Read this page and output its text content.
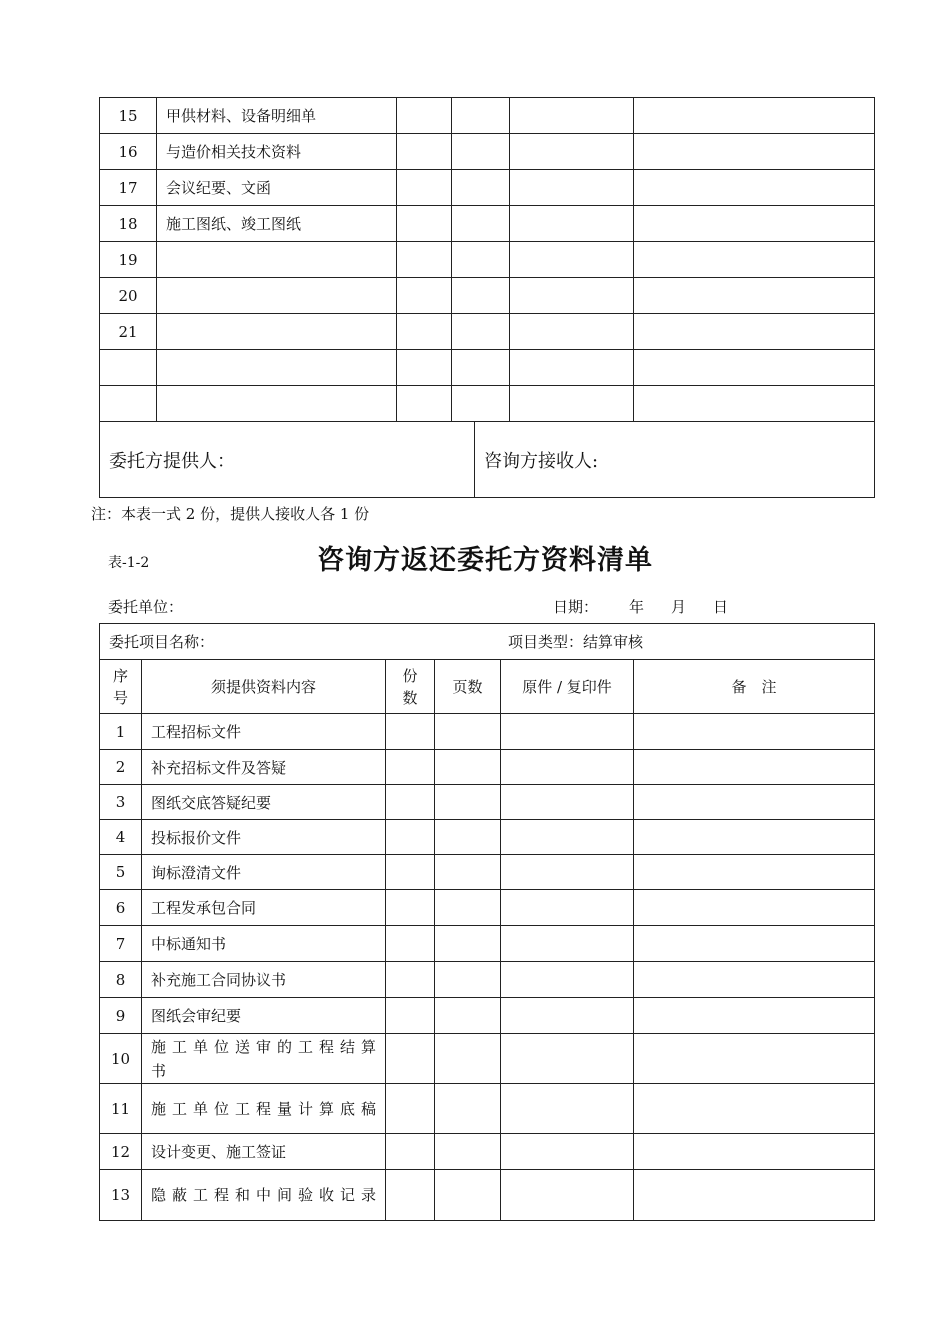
15	甲供材料、设备明细单				
16	与造价相关技术资料				
17	会议纪要、文函				
18	施工图纸、竣工图纸				
19					
20					
21					

委托方提供人：	咨询方接收人:
注：本表一式 2 份，提供人接收人各 1 份
表-1-2	咨询方返还委托方资料清单
委托单位：	日期： 年 月 日
委托项目名称： 项目类型：结算审核					

序号	须提供资料内容	份数	页数	原件 / 复印件	备　注
1	工程招标文件				
2	补充招标文件及答疑				
3	图纸交底答疑纪要				
4	投标报价文件				
5	询标澄清文件				
6	工程发承包合同				
7	中标通知书				
8	补充施工合同协议书				
9	图纸会审纪要				
10	施工单位送审的工程结算书				
11	施工单位工程量计算底稿				
12	设计变更、施工签证				
13	隐蔽工程和中间验收记录				
